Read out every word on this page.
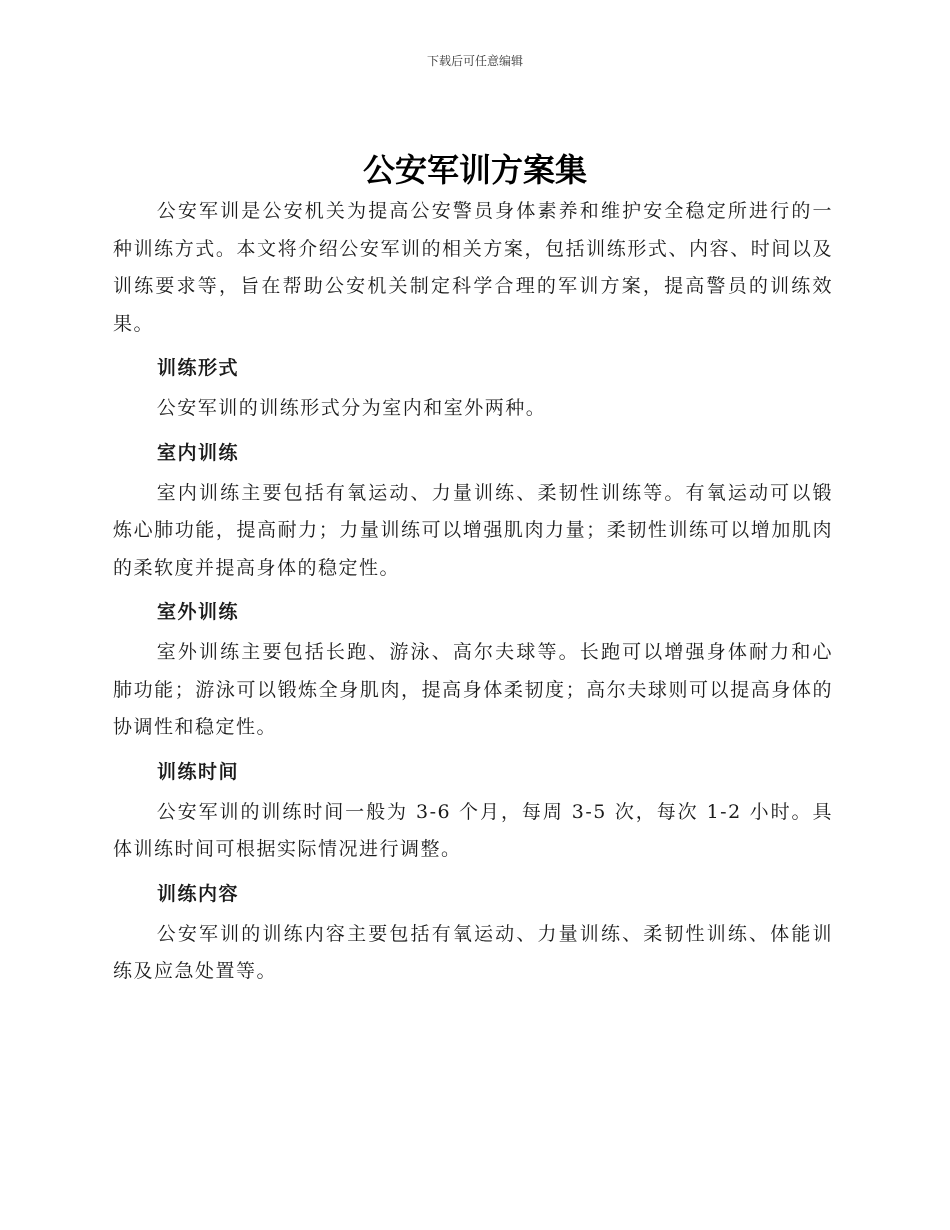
下载后可任意编辑
公安军训方案集

公安军训是公安机关为提高公安警员身体素养和维护安全稳定所进行的一种训练方式。本文将介绍公安军训的相关方案，包括训练形式、内容、时间以及训练要求等，旨在帮助公安机关制定科学合理的军训方案，提高警员的训练效果。

训练形式

公安军训的训练形式分为室内和室外两种。

室内训练

室内训练主要包括有氧运动、力量训练、柔韧性训练等。有氧运动可以锻炼心肺功能，提高耐力；力量训练可以增强肌肉力量；柔韧性训练可以增加肌肉的柔软度并提高身体的稳定性。

室外训练

室外训练主要包括长跑、游泳、高尔夫球等。长跑可以增强身体耐力和心肺功能；游泳可以锻炼全身肌肉，提高身体柔韧度；高尔夫球则可以提高身体的协调性和稳定性。

训练时间

公安军训的训练时间一般为 3-6 个月，每周 3-5 次，每次 1-2 小时。具体训练时间可根据实际情况进行调整。

训练内容

公安军训的训练内容主要包括有氧运动、力量训练、柔韧性训练、体能训练及应急处置等。
